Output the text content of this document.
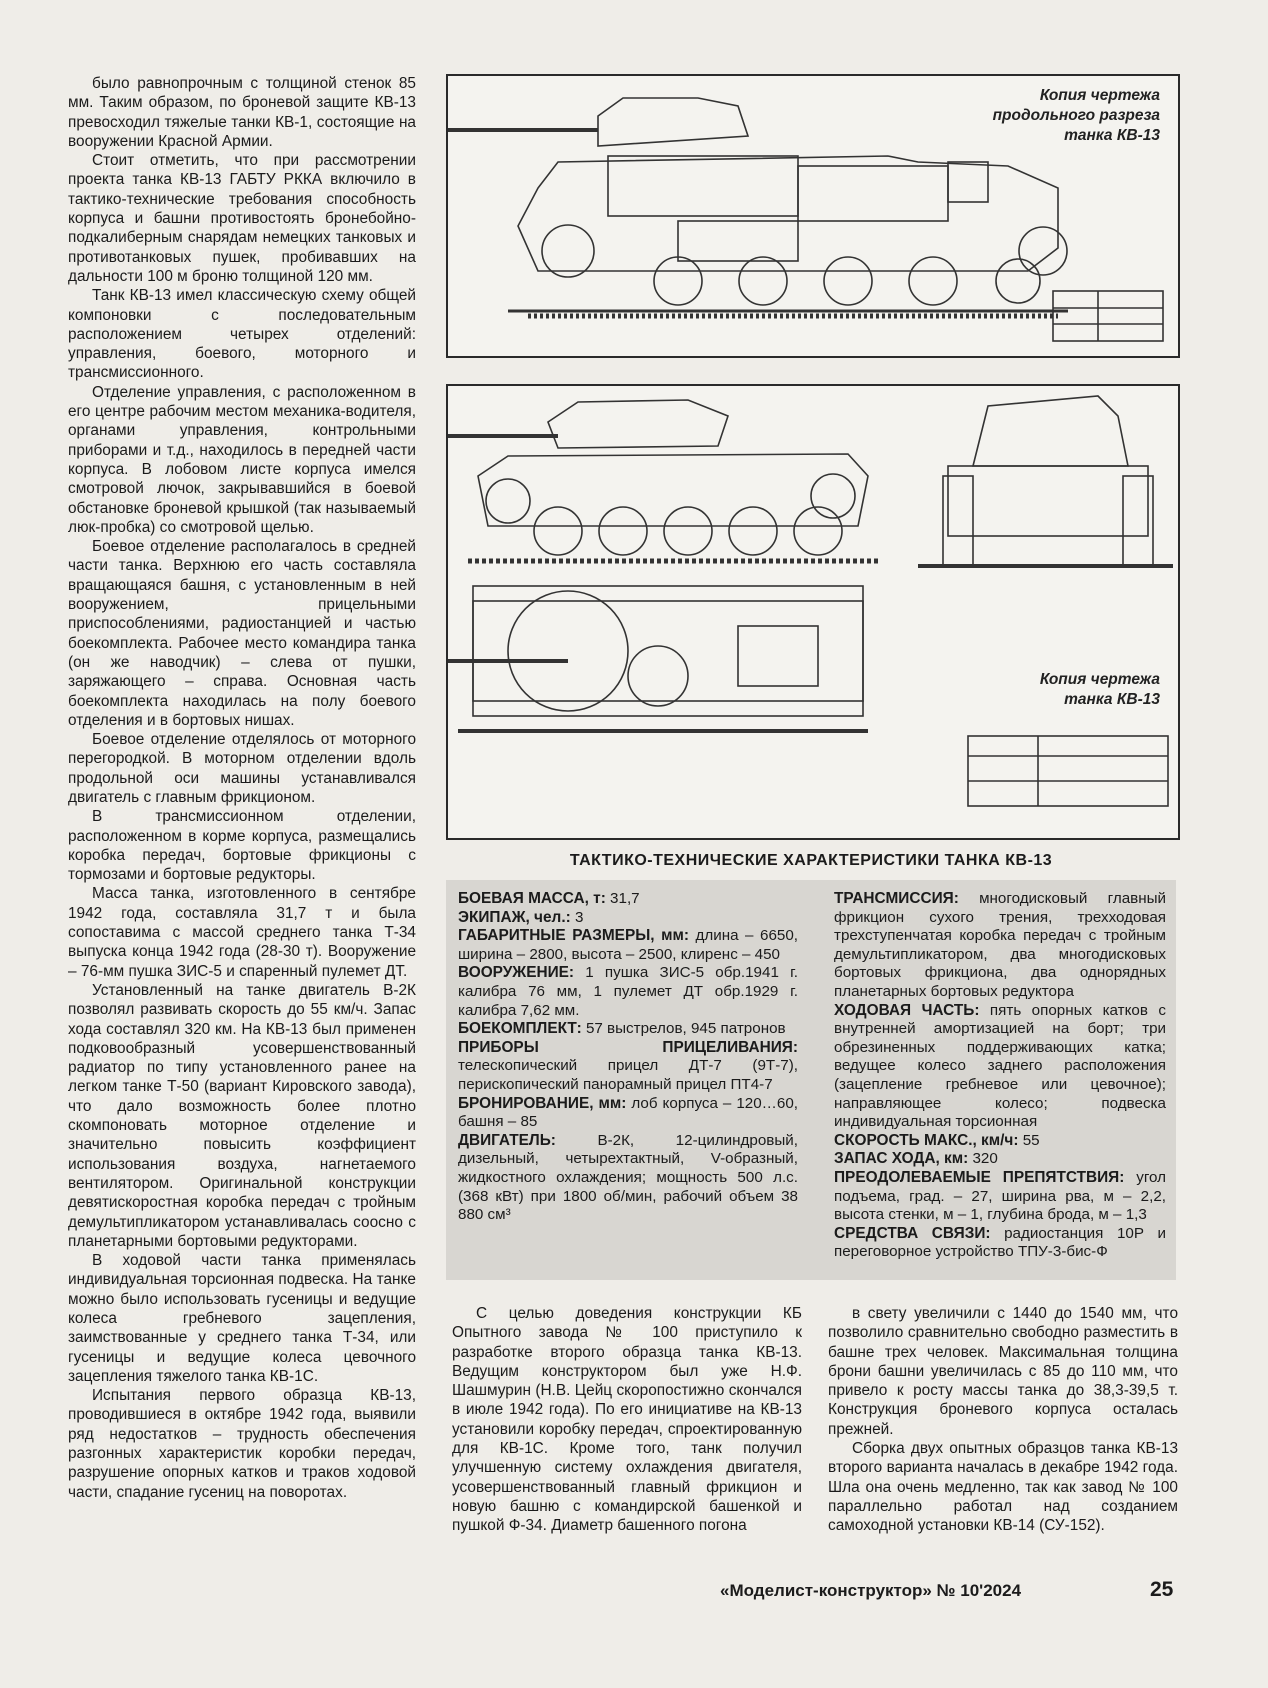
было равнопрочным с толщиной стенок 85 мм. Таким образом, по броневой защите КВ-13 превосходил тяжелые танки КВ-1, состоящие на вооружении Красной Армии.

Стоит отметить, что при рассмотрении проекта танка КВ-13 ГАБТУ РККА включило в тактико-технические требования способность корпуса и башни противостоять бронебойно-подкалиберным снарядам немецких танковых и противотанковых пушек, пробивавших на дальности 100 м броню толщиной 120 мм.

Танк КВ-13 имел классическую схему общей компоновки с последовательным расположением четырех отделений: управления, боевого, моторного и трансмиссионного.

Отделение управления, с расположенном в его центре рабочим местом механика-водителя, органами управления, контрольными приборами и т.д., находилось в передней части корпуса. В лобовом листе корпуса имелся смотровой лючок, закрывавшийся в боевой обстановке броневой крышкой (так называемый люк-пробка) со смотровой щелью.

Боевое отделение располагалось в средней части танка. Верхнюю его часть составляла вращающаяся башня, с установленным в ней вооружением, прицельными приспособлениями, радиостанцией и частью боекомплекта. Рабочее место командира танка (он же наводчик) – слева от пушки, заряжающего – справа. Основная часть боекомплекта находилась на полу боевого отделения и в бортовых нишах.

Боевое отделение отделялось от моторного перегородкой. В моторном отделении вдоль продольной оси машины устанавливался двигатель с главным фрикционом.

В трансмиссионном отделении, расположенном в корме корпуса, размещались коробка передач, бортовые фрикционы с тормозами и бортовые редукторы.

Масса танка, изготовленного в сентябре 1942 года, составляла 31,7 т и была сопоставима с массой среднего танка Т-34 выпуска конца 1942 года (28-30 т). Вооружение – 76-мм пушка ЗИС-5 и спаренный пулемет ДТ.

Установленный на танке двигатель В-2К позволял развивать скорость до 55 км/ч. Запас хода составлял 320 км. На КВ-13 был применен подковообразный усовершенствованный радиатор по типу установленного ранее на легком танке Т-50 (вариант Кировского завода), что дало возможность более плотно скомпоновать моторное отделение и значительно повысить коэффициент использования воздуха, нагнетаемого вентилятором. Оригинальной конструкции девятискоростная коробка передач с тройным демультипликатором устанавливалась соосно с планетарными бортовыми редукторами.

В ходовой части танка применялась индивидуальная торсионная подвеска. На танке можно было использовать гусеницы и ведущие колеса гребневого зацепления, заимствованные у среднего танка Т-34, или гусеницы и ведущие колеса цевочного зацепления тяжелого танка КВ-1С.

Испытания первого образца КВ-13, проводившиеся в октябре 1942 года, выявили ряд недостатков – трудность обеспечения разгонных характеристик коробки передач, разрушение опорных катков и траков ходовой части, спадание гусениц на поворотах.

Копия чертежа
продольного разреза
танка КВ-13
Копия чертежа
танка КВ-13
ТАКТИКО-ТЕХНИЧЕСКИЕ ХАРАКТЕРИСТИКИ ТАНКА КВ-13
БОЕВАЯ МАССА, т: 31,7
ЭКИПАЖ, чел.: 3
ГАБАРИТНЫЕ РАЗМЕРЫ, мм: длина – 6650, ширина – 2800, высота – 2500, клиренс – 450
ВООРУЖЕНИЕ: 1 пушка ЗИС-5 обр.1941 г. калибра 76 мм, 1 пулемет ДТ обр.1929 г. калибра 7,62 мм.
БОЕКОМПЛЕКТ: 57 выстрелов, 945 патронов
ПРИБОРЫ ПРИЦЕЛИВАНИЯ: телескопический прицел ДТ-7 (9Т-7), перископический панорамный прицел ПТ4-7
БРОНИРОВАНИЕ, мм: лоб корпуса – 120…60, башня – 85
ДВИГАТЕЛЬ: В-2К, 12-цилиндровый, дизельный, четырехтактный, V-образный, жидкостного охлаждения; мощность 500 л.с. (368 кВт) при 1800 об/мин, рабочий объем 38 880 см³
ТРАНСМИССИЯ: многодисковый главный фрикцион сухого трения, трехходовая трехступенчатая коробка передач с тройным демультипликатором, два многодисковых бортовых фрикциона, два однорядных планетарных бортовых редуктора
ХОДОВАЯ ЧАСТЬ: пять опорных катков с внутренней амортизацией на борт; три обрезиненных поддерживающих катка; ведущее колесо заднего расположения (зацепление гребневое или цевочное); направляющее колесо; подвеска индивидуальная торсионная
СКОРОСТЬ МАКС., км/ч: 55
ЗАПАС ХОДА, км: 320
ПРЕОДОЛЕВАЕМЫЕ ПРЕПЯТСТВИЯ: угол подъема, град. – 27, ширина рва, м – 2,2, высота стенки, м – 1, глубина брода, м – 1,3
СРЕДСТВА СВЯЗИ: радиостанция 10Р и переговорное устройство ТПУ-3-бис-Ф

С целью доведения конструкции КБ Опытного завода № 100 приступило к разработке второго образца танка КВ-13. Ведущим конструктором был уже Н.Ф. Шашмурин (Н.В. Цейц скоропостижно скончался в июле 1942 года). По его инициативе на КВ-13 установили коробку передач, спроектированную для КВ-1С. Кроме того, танк получил улучшенную систему охлаждения двигателя, усовершенствованный главный фрикцион и новую башню с командирской башенкой и пушкой Ф-34. Диаметр башенного погона

в свету увеличили с 1440 до 1540 мм, что позволило сравнительно свободно разместить в башне трех человек. Максимальная толщина брони башни увеличилась с 85 до 110 мм, что привело к росту массы танка до 38,3-39,5 т. Конструкция броневого корпуса осталась прежней.

Сборка двух опытных образцов танка КВ-13 второго варианта началась в декабре 1942 года. Шла она очень медленно, так как завод № 100 параллельно работал над созданием самоходной установки КВ-14 (СУ-152).

«Моделист-конструктор» № 10'2024	25
